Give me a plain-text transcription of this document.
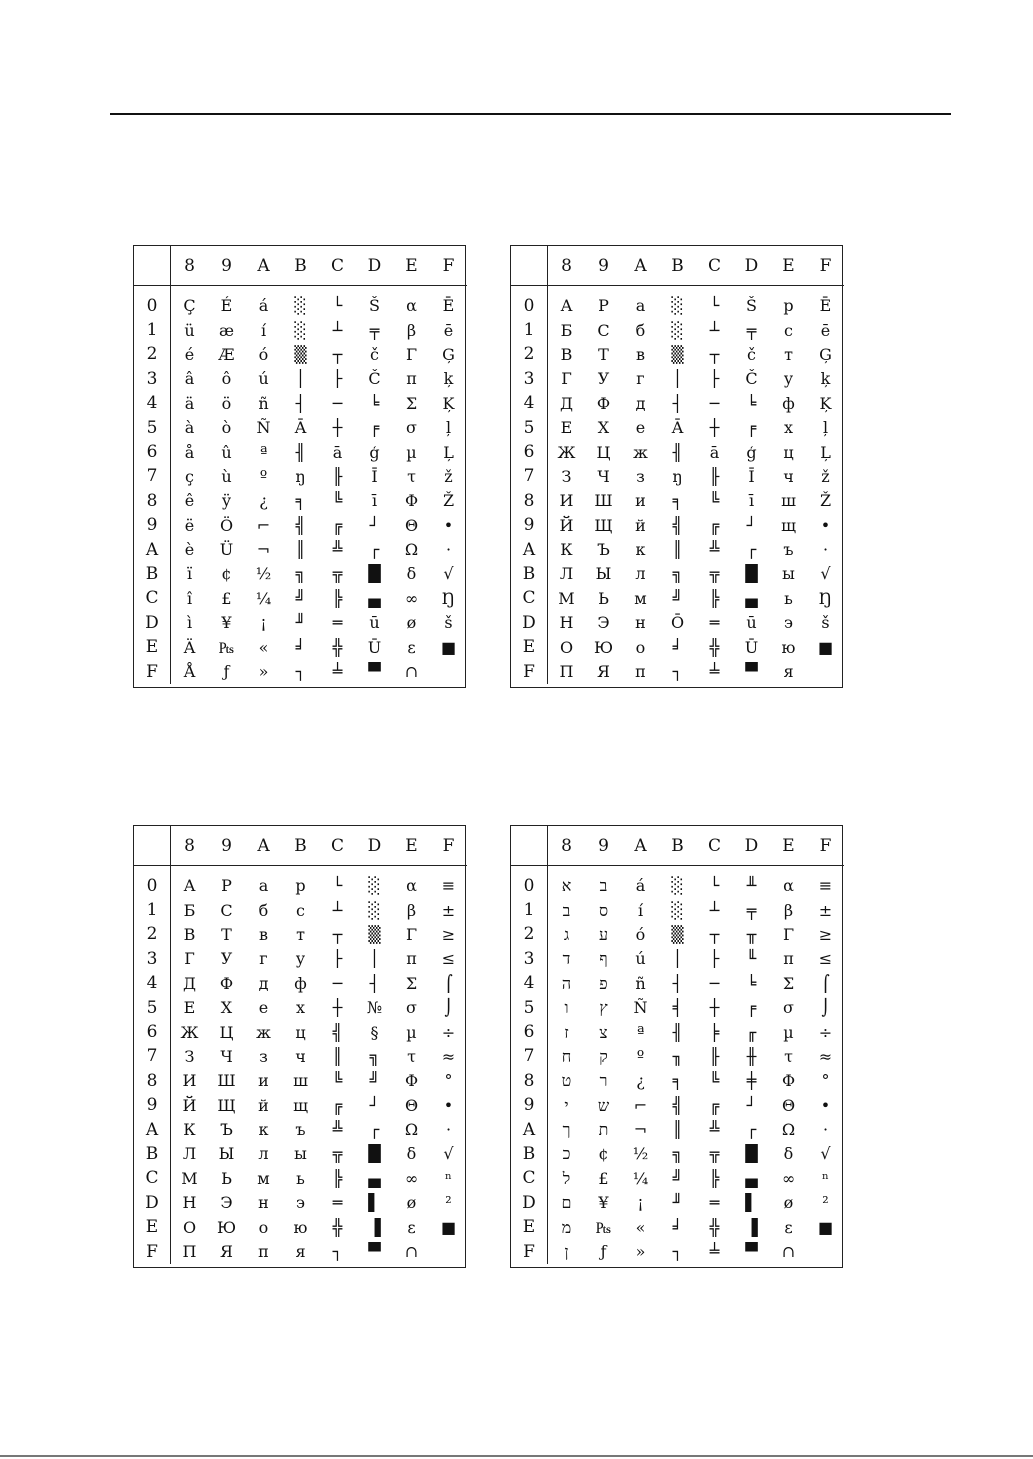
8	9	A	B	C	D	E	F
0	Ç	É	á	░	└	Š	α	Ē
1	ü	æ	í	░	┴	╤	β	ē
2	é	Æ	ó	▒	┬	č	Γ	Ģ
3	â	ô	ú	│	├	Č	π	ķ
4	ä	ö	ñ	┤	─	╘	Σ	Ķ
5	à	ò	Ñ	Ā	┼	╒	σ	ļ
6	å	û	ª	╢	ā	ģ	µ	Ļ
7	ç	ù	º	ŋ	╟	Ī	τ	ž
8	ê	ÿ	¿	╕	╚	ī	Φ	Ž
9	ë	Ö	⌐	╣	╔	┘	Θ	•
A	è	Ü	¬	║	╩	┌	Ω	·
B	ï	¢	½	╗	╦	█	δ	√
C	î	£	¼	╝	╠	▄	∞	Ŋ
D	ì	¥	¡	╜	═	ū	ø	š
E	Ä	₧	«	╛	╬	Ū	ε	■
F	Å	ƒ	»	┐	╧	▀	∩
8	9	A	B	C	D	E	F
0	А	Р	а	░	└	Š	р	Ē
1	Б	С	б	░	┴	╤	с	ē
2	В	Т	в	▒	┬	č	т	Ģ
3	Г	У	г	│	├	Č	у	ķ
4	Д	Ф	д	┤	─	╘	ф	Ķ
5	Е	Х	е	Ā	┼	╒	х	ļ
6	Ж	Ц	ж	╢	ā	ģ	ц	Ļ
7	З	Ч	з	ŋ	╟	Ī	ч	ž
8	И	Ш	и	╕	╚	ī	ш	Ž
9	Й	Щ	й	╣	╔	┘	щ	•
A	К	Ъ	к	║	╩	┌	ъ	·
B	Л	Ы	л	╗	╦	█	ы	√
C	М	Ь	м	╝	╠	▄	ь	Ŋ
D	Н	Э	н	Ō	═	ū	э	š
E	О	Ю	о	╛	╬	Ū	ю	■
F	П	Я	п	┐	╧	▀	я
8	9	A	B	C	D	E	F
0	А	Р	а	р	└	░	α	≡
1	Б	С	б	с	┴	░	β	±
2	В	Т	в	т	┬	▒	Γ	≥
3	Г	У	г	у	├	│	π	≤
4	Д	Ф	д	ф	─	┤	Σ	⌠
5	Е	Х	е	х	┼	№	σ	⌡
6	Ж	Ц	ж	ц	╣	§	µ	÷
7	З	Ч	з	ч	║	╗	τ	≈
8	И	Ш	и	ш	╚	╝	Φ	°
9	Й	Щ	й	щ	╔	┘	Θ	•
A	К	Ъ	к	ъ	╩	┌	Ω	·
B	Л	Ы	л	ы	╦	█	δ	√
C	М	Ь	м	ь	╠	▄	∞	ⁿ
D	Н	Э	н	э	═	▌	ø	²
E	О	Ю	о	ю	╬	▐	ε	■
F	П	Я	п	я	┐	▀	∩
8	9	A	B	C	D	E	F
0	א	ב	á	░	└	╨	α	≡
1	ב	ס	í	░	┴	╤	β	±
2	ג	ע	ó	▒	┬	╥	Γ	≥
3	ד	ף	ú	│	├	╙	π	≤
4	ה	פ	ñ	┤	─	╘	Σ	⌠
5	ו	ץ	Ñ	╡	┼	╒	σ	⌡
6	ז	צ	ª	╢	╞	╓	µ	÷
7	ח	ק	º	╖	╟	╫	τ	≈
8	ט	ר	¿	╕	╚	╪	Φ	°
9	י	ש	⌐	╣	╔	┘	Θ	•
A	ך	ת	¬	║	╩	┌	Ω	·
B	כ	¢	½	╗	╦	█	δ	√
C	ל	£	¼	╝	╠	▄	∞	ⁿ
D	ם	¥	¡	╜	═	▌	ø	²
E	מ	₧	«	╛	╬	▐	ε	■
F	ן	ƒ	»	┐	╧	▀	∩
